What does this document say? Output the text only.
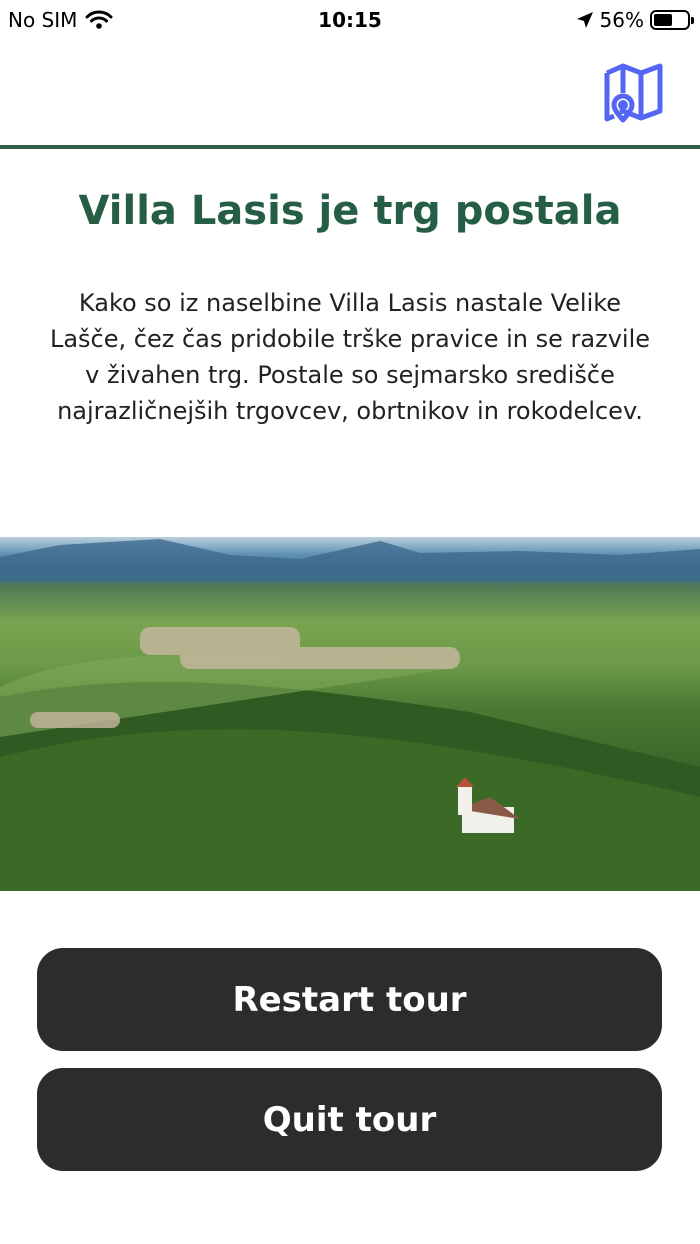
No SIM	10:15	56%
Villa Lasis je trg postala

Kako so iz naselbine Villa Lasis nastale Velike Lašče, čez čas pridobile trške pravice in se razvile v živahen trg. Postale so sejmarsko središče najrazličnejših trgovcev, obrtnikov in rokodelcev.

Restart tour
Quit tour
